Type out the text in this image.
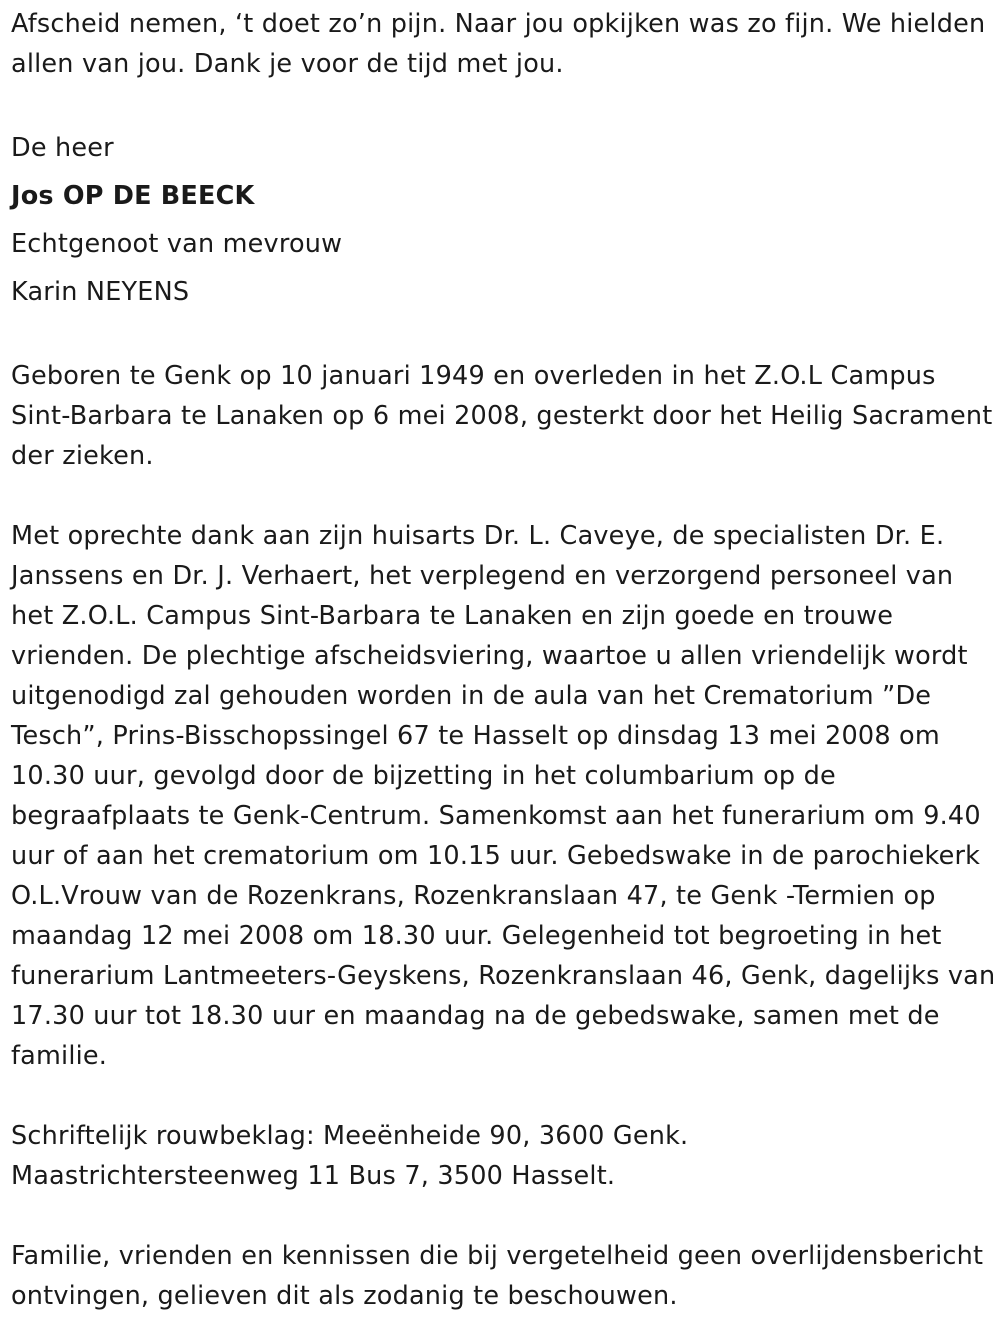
Afscheid nemen, ‘t doet zo’n pijn. Naar jou opkijken was zo fijn. We hielden allen van jou. Dank je voor de tijd met jou.

De heer

Jos OP DE BEECK

Echtgenoot van mevrouw

Karin NEYENS

Geboren te Genk op 10 januari 1949 en overleden in het Z.O.L Campus Sint-Barbara te Lanaken op 6 mei 2008, gesterkt door het Heilig Sacrament der zieken.

Met oprechte dank aan zijn huisarts Dr. L. Caveye, de specialisten Dr. E. Janssens en Dr. J. Verhaert, het verplegend en verzorgend personeel van het Z.O.L. Campus Sint-Barbara te Lanaken en zijn goede en trouwe vrienden. De plechtige afscheidsviering, waartoe u allen vriendelijk wordt uitgenodigd zal gehouden worden in de aula van het Crematorium ”De Tesch”, Prins-Bisschopssingel 67 te Hasselt op dinsdag 13 mei 2008 om 10.30 uur, gevolgd door de bijzetting in het columbarium op de begraafplaats te Genk-Centrum. Samenkomst aan het funerarium om 9.40 uur of aan het crematorium om 10.15 uur. Gebedswake in de parochiekerk O.L.Vrouw van de Rozenkrans, Rozenkranslaan 47, te Genk -Termien op maandag 12 mei 2008 om 18.30 uur. Gelegenheid tot begroeting in het funerarium Lantmeeters-Geyskens, Rozenkranslaan 46, Genk, dagelijks van 17.30 uur tot 18.30 uur en maandag na de gebedswake, samen met de familie.

Schriftelijk rouwbeklag: Meeënheide 90, 3600 Genk.

Maastrichtersteenweg 11 Bus 7, 3500 Hasselt.

Familie, vrienden en kennissen die bij vergetelheid geen overlijdensbericht ontvingen, gelieven dit als zodanig te beschouwen.
